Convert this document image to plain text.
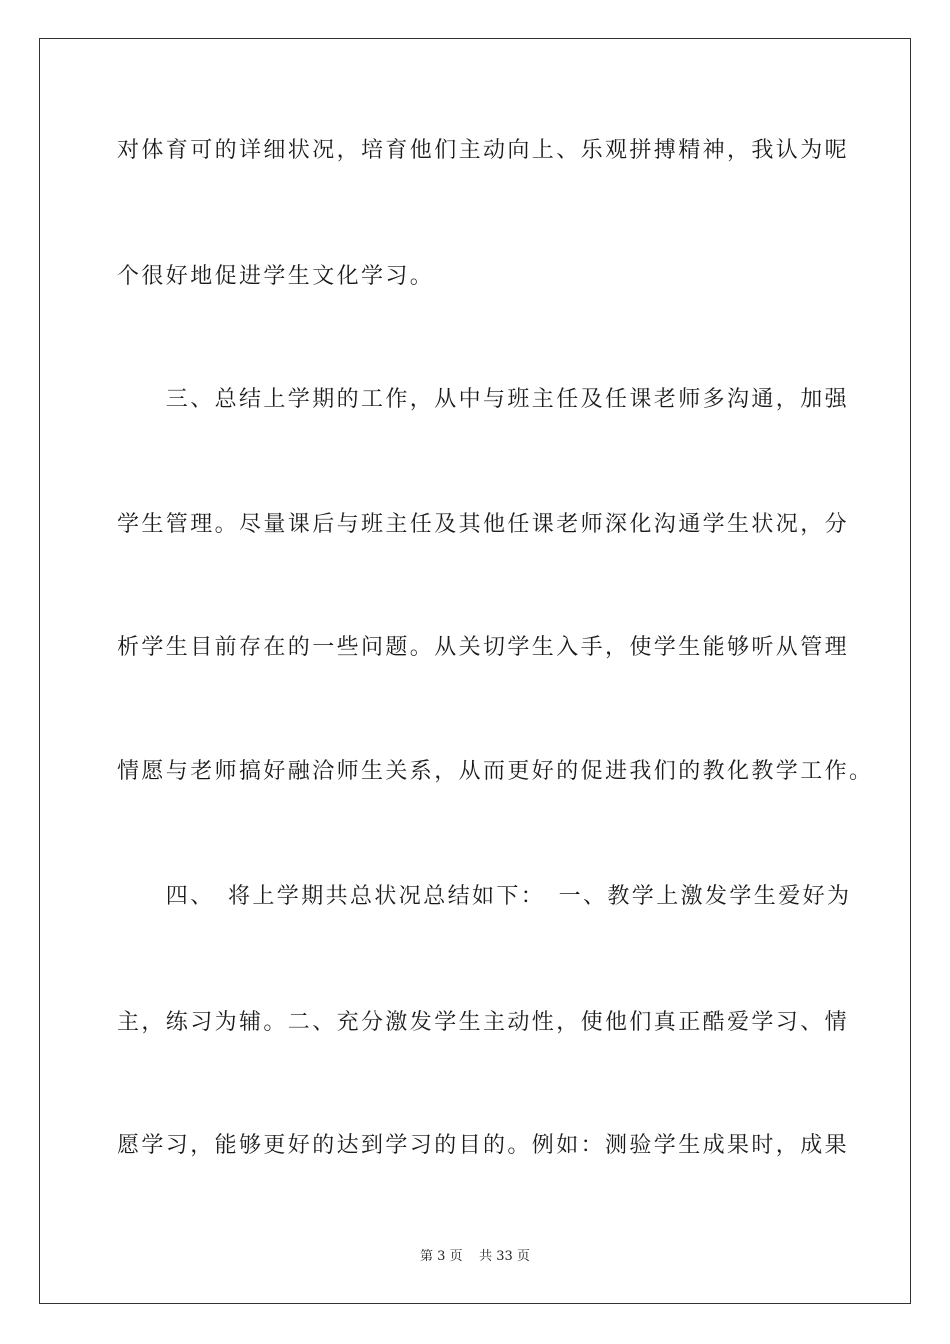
对体育可的详细状况，培育他们主动向上、乐观拼搏精神，我认为呢
个很好地促进学生文化学习。
　　三、总结上学期的工作，从中与班主任及任课老师多沟通，加强
学生管理。尽量课后与班主任及其他任课老师深化沟通学生状况，分
析学生目前存在的一些问题。从关切学生入手，使学生能够听从管理
情愿与老师搞好融洽师生关系，从而更好的促进我们的教化教学工作。
　　四、　将上学期共总状况总结如下：　一、教学上激发学生爱好为
主，练习为辅。二、充分激发学生主动性，使他们真正酷爱学习、情
愿学习，能够更好的达到学习的目的。例如：测验学生成果时，成果
第 3 页 共 33 页
